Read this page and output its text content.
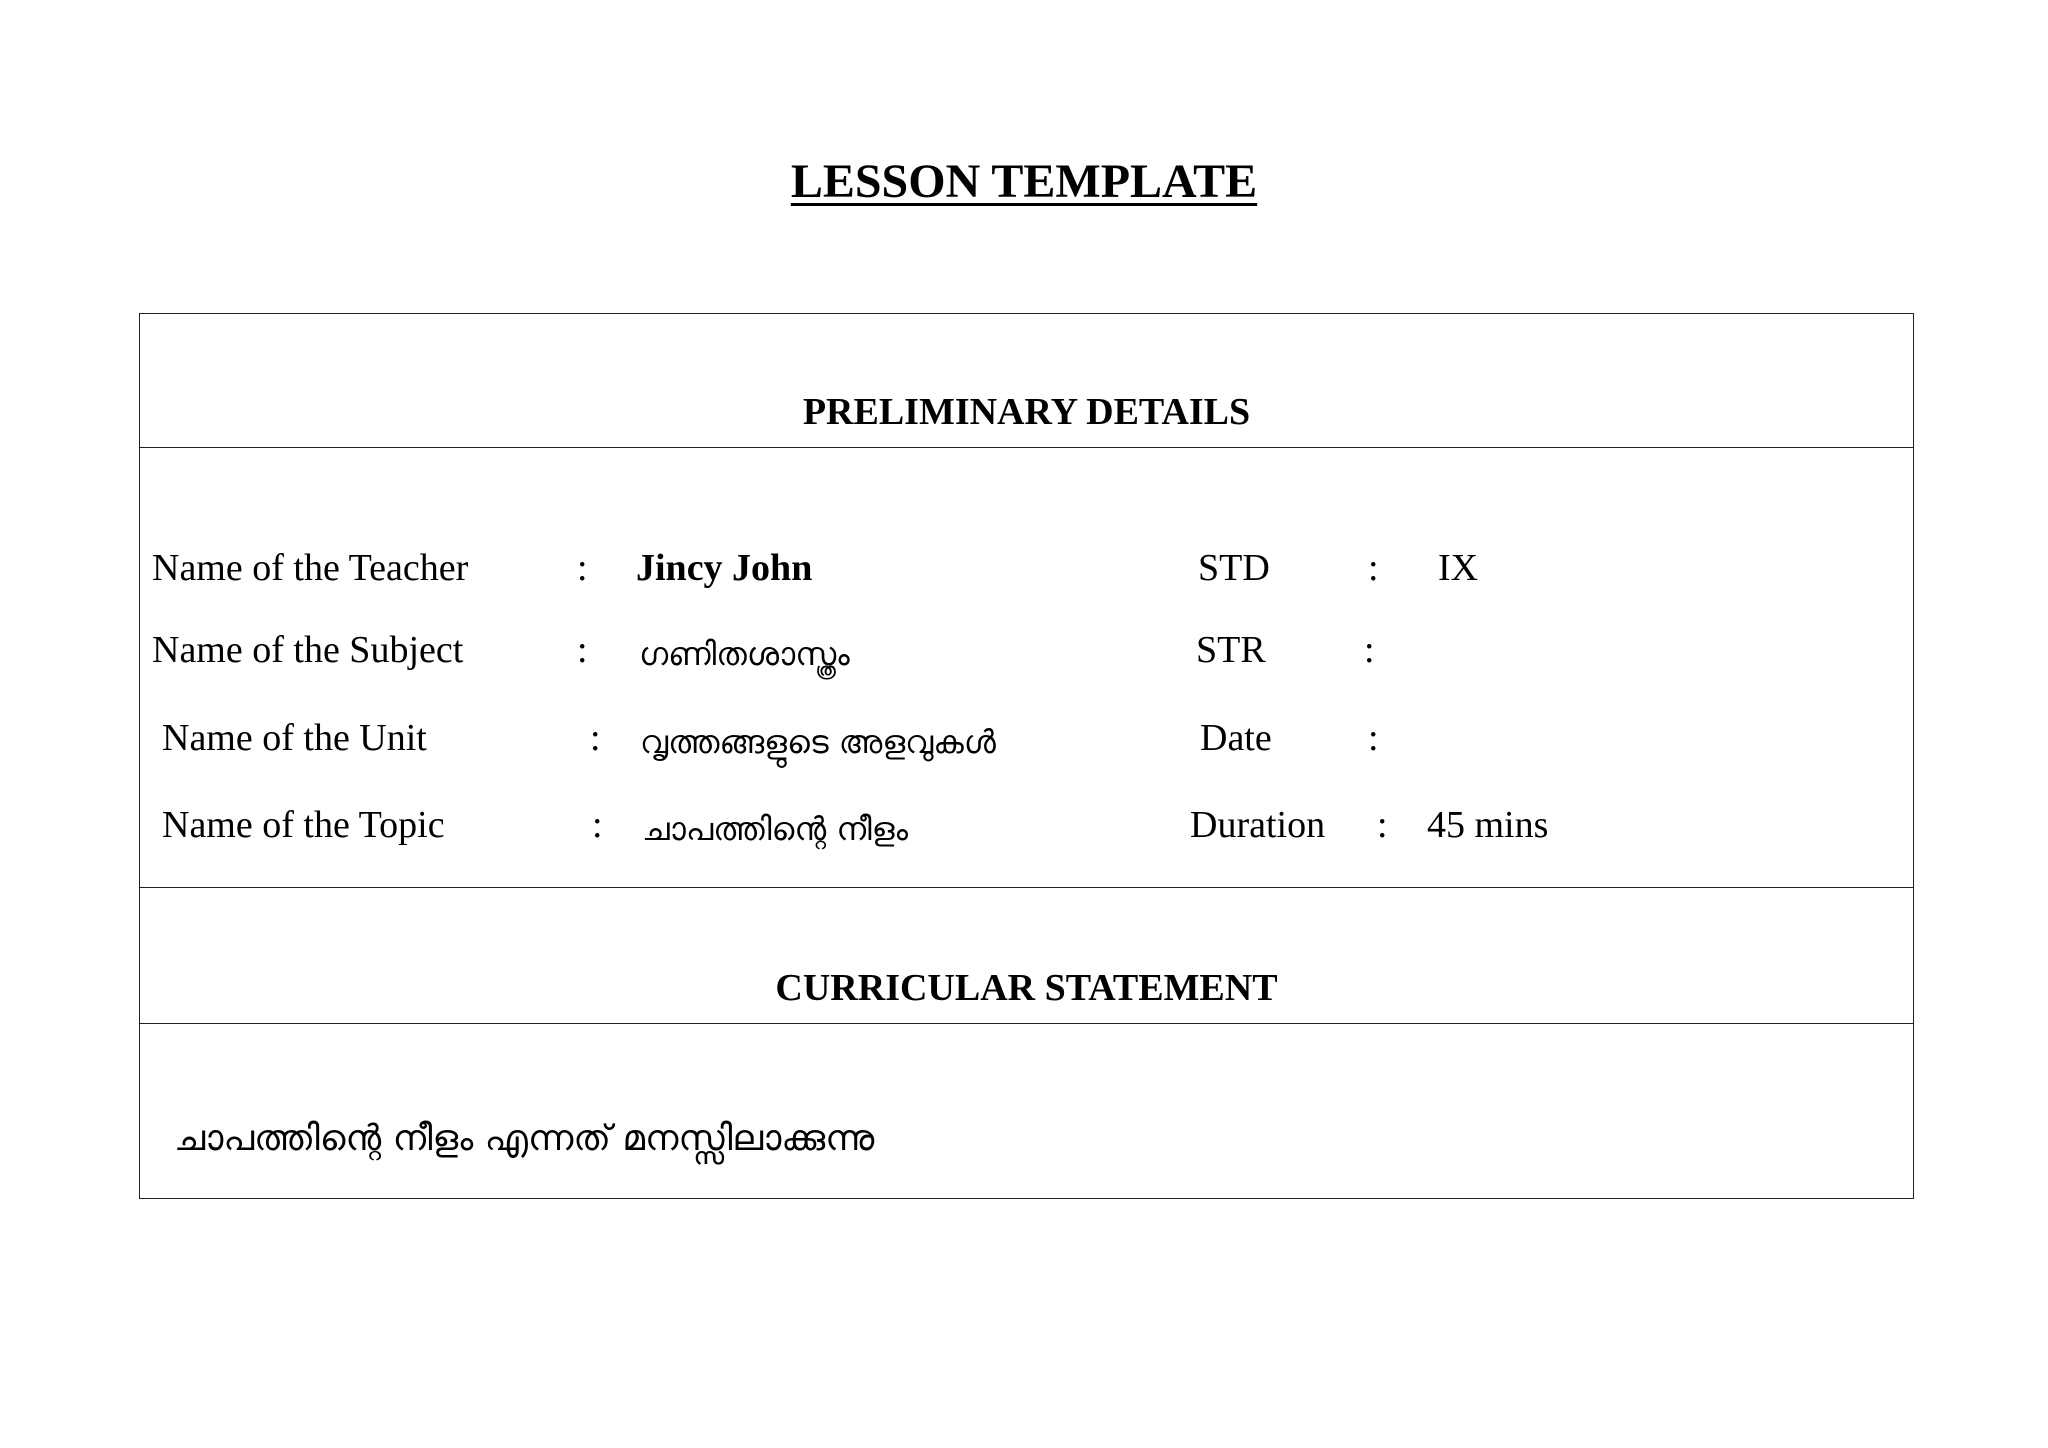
LESSON TEMPLATE
PRELIMINARY DETAILS
Name of the Teacher	: Jincy John	STD	: IX
Name of the Subject	: ഗണിതശാസ്ത്രം	STR	:
Name of the Unit	: വൃത്തങ്ങളുടെ അളവുകൾ	Date	:
Name of the Topic	: ചാപത്തിന്റെ നീളം	Duration : 45 mins
CURRICULAR STATEMENT
ചാപത്തിന്റെ നീളം എന്നത് മനസ്സിലാക്കുന്നു
